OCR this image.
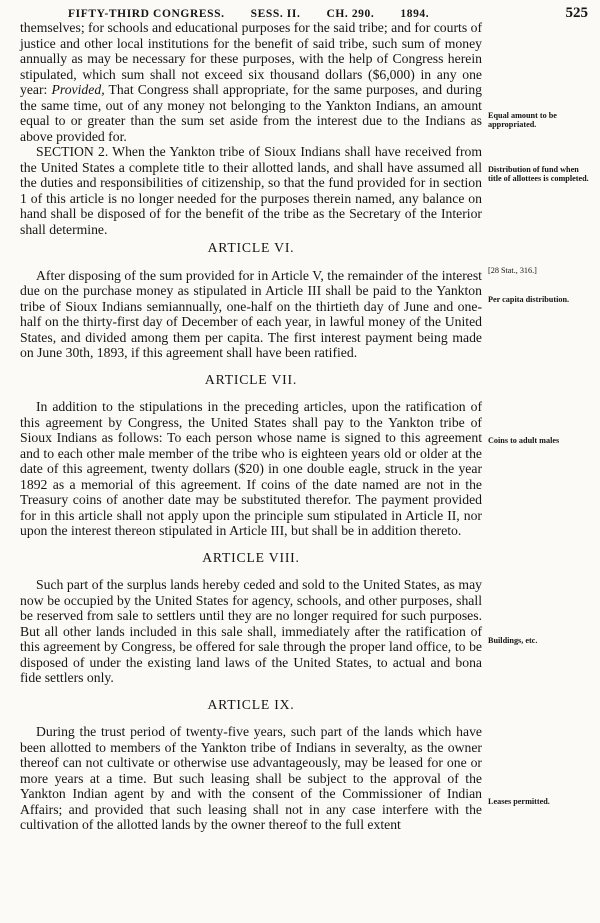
FIFTY-THIRD CONGRESS. SESS. II. CH. 290. 1894.	525

themselves; for schools and educational purposes for the said tribe; and for courts of justice and other local institutions for the benefit of said tribe, such sum of money annually as may be necessary for these purposes, with the help of Congress herein stipulated, which sum shall not exceed six thousand dollars ($6,000) in any one year: Provided, That Congress shall appropriate, for the same purposes, and during the same time, out of any money not belonging to the Yankton Indians, an amount equal to or greater than the sum set aside from the interest due to the Indians as above provided for.

SECTION 2. When the Yankton tribe of Sioux Indians shall have received from the United States a complete title to their allotted lands, and shall have assumed all the duties and responsibilities of citizenship, so that the fund provided for in section 1 of this article is no longer needed for the purposes therein named, any balance on hand shall be disposed of for the benefit of the tribe as the Secretary of the Interior shall determine.

ARTICLE VI.

After disposing of the sum provided for in Article V, the remainder of the interest due on the purchase money as stipulated in Article III shall be paid to the Yankton tribe of Sioux Indians semiannually, one-half on the thirtieth day of June and one-half on the thirty-first day of December of each year, in lawful money of the United States, and divided among them per capita. The first interest payment being made on June 30th, 1893, if this agreement shall have been ratified.

ARTICLE VII.

In addition to the stipulations in the preceding articles, upon the ratification of this agreement by Congress, the United States shall pay to the Yankton tribe of Sioux Indians as follows: To each person whose name is signed to this agreement and to each other male member of the tribe who is eighteen years old or older at the date of this agreement, twenty dollars ($20) in one double eagle, struck in the year 1892 as a memorial of this agreement. If coins of the date named are not in the Treasury coins of another date may be substituted therefor. The payment provided for in this article shall not apply upon the principle sum stipulated in Article II, nor upon the interest thereon stipulated in Article III, but shall be in addition thereto.

ARTICLE VIII.

Such part of the surplus lands hereby ceded and sold to the United States, as may now be occupied by the United States for agency, schools, and other purposes, shall be reserved from sale to settlers until they are no longer required for such purposes. But all other lands included in this sale shall, immediately after the ratification of this agreement by Congress, be offered for sale through the proper land office, to be disposed of under the existing land laws of the United States, to actual and bona fide settlers only.

ARTICLE IX.

During the trust period of twenty-five years, such part of the lands which have been allotted to members of the Yankton tribe of Indians in severalty, as the owner thereof can not cultivate or otherwise use advantageously, may be leased for one or more years at a time. But such leasing shall be subject to the approval of the Yankton Indian agent by and with the consent of the Commissioner of Indian Affairs; and provided that such leasing shall not in any case interfere with the cultivation of the allotted lands by the owner thereof to the full extent

Equal amount to be appropriated.
Distribution of fund when title of allottees is completed.
[28 Stat., 316.]
Per capita distribution.
Coins to adult males
Buildings, etc.
Leases permitted.
